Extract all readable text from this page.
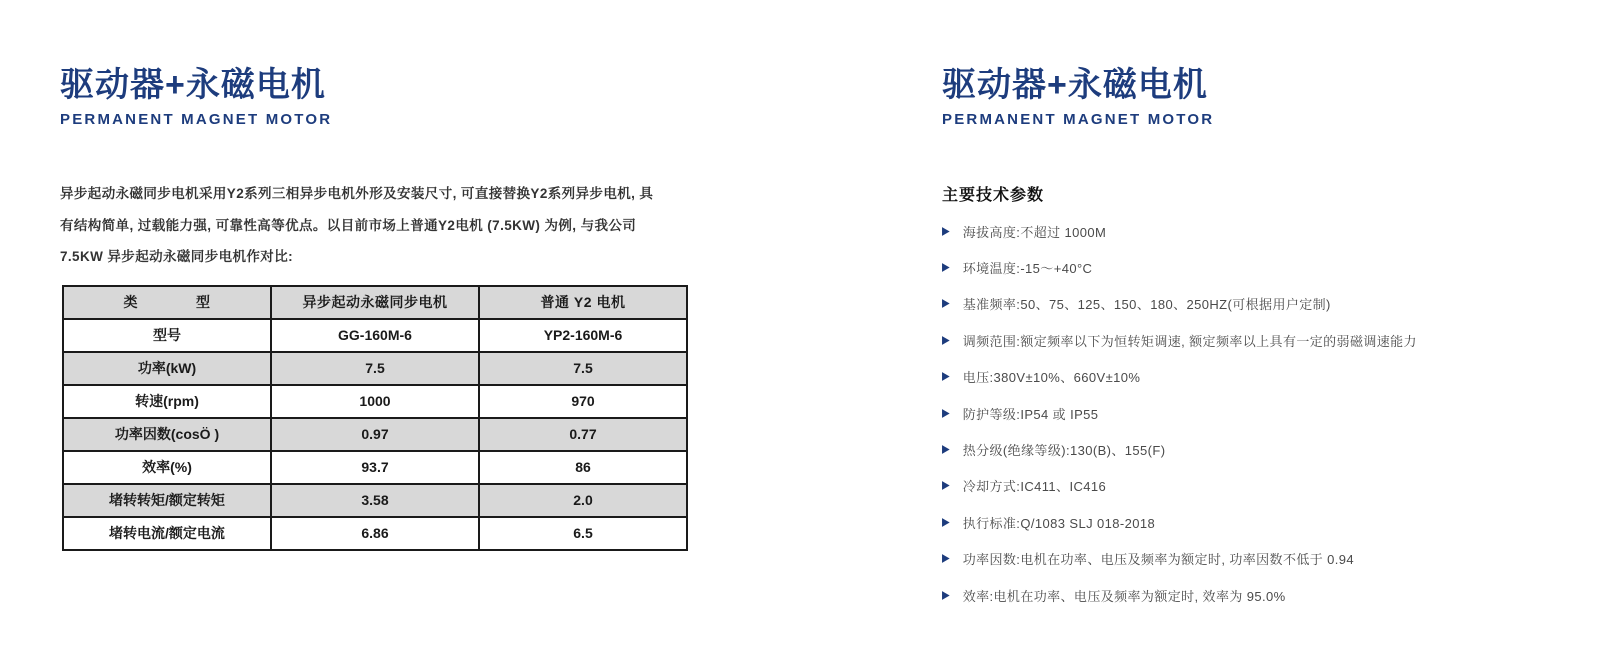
驱动器+永磁电机
PERMANENT MAGNET MOTOR
异步起动永磁同步电机采用Y2系列三相异步电机外形及安装尺寸, 可直接替换Y2系列异步电机, 具
有结构简单, 过载能力强, 可靠性高等优点。以目前市场上普通Y2电机 (7.5KW) 为例, 与我公司
7.5KW 异步起动永磁同步电机作对比:
类　　　　型	异步起动永磁同步电机	普通 Y2 电机
型号	GG-160M-6	YP2-160M-6
功率(kW)	7.5	7.5
转速(rpm)	1000	970
功率因数(cosÖ )	0.97	0.77
效率(%)	93.7	86
堵转转矩/额定转矩	3.58	2.0
堵转电流/额定电流	6.86	6.5
驱动器+永磁电机
PERMANENT MAGNET MOTOR
主要技术参数
▶ 海拔高度:不超过 1000M
▶ 环境温度:-15～+40°C
▶ 基准频率:50、75、125、150、180、250HZ(可根据用户定制)
▶ 调频范围:额定频率以下为恒转矩调速, 额定频率以上具有一定的弱磁调速能力
▶ 电压:380V±10%、660V±10%
▶ 防护等级:IP54 或 IP55
▶ 热分级(绝缘等级):130(B)、155(F)
▶ 冷却方式:IC411、IC416
▶ 执行标准:Q/1083 SLJ 018-2018
▶ 功率因数:电机在功率、电压及频率为额定时, 功率因数不低于 0.94
▶ 效率:电机在功率、电压及频率为额定时, 效率为 95.0%
